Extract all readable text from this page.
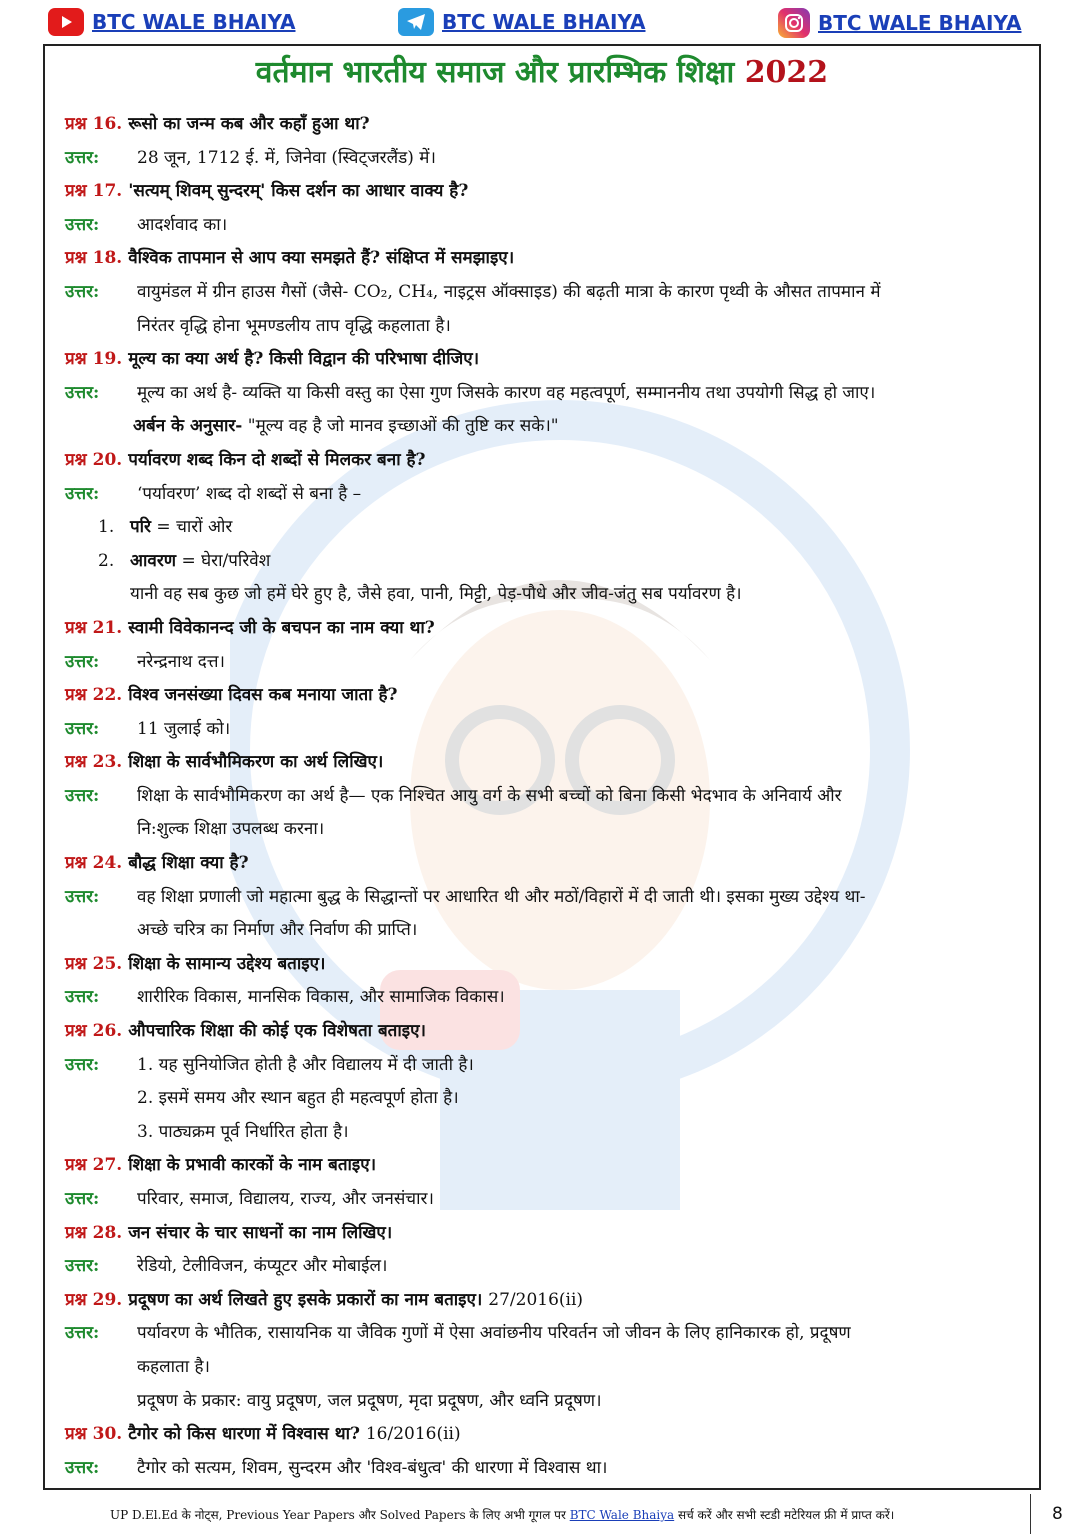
BTC WALE BHAIYA	BTC WALE BHAIYA	BTC WALE BHAIYA
वर्तमान भारतीय समाज और प्रारम्भिक शिक्षा 2022
प्रश्न 16. रूसो का जन्म कब और कहाँ हुआ था?
उत्तर:	28 जून, 1712 ई. में, जिनेवा (स्विट्जरलैंड) में।
प्रश्न 17. 'सत्यम् शिवम् सुन्दरम्' किस दर्शन का आधार वाक्य है?
उत्तर:	आदर्शवाद का।
प्रश्न 18. वैश्विक तापमान से आप क्या समझते हैं? संक्षिप्त में समझाइए।
उत्तर:	वायुमंडल में ग्रीन हाउस गैसों (जैसे- CO₂, CH₄, नाइट्रस ऑक्साइड) की बढ़ती मात्रा के कारण पृथ्वी के औसत तापमान में
निरंतर वृद्धि होना भूमण्डलीय ताप वृद्धि कहलाता है।
प्रश्न 19. मूल्य का क्या अर्थ है? किसी विद्वान की परिभाषा दीजिए।
उत्तर:	मूल्य का अर्थ है- व्यक्ति या किसी वस्तु का ऐसा गुण जिसके कारण वह महत्वपूर्ण, सम्माननीय तथा उपयोगी सिद्ध हो जाए।
अर्बन के अनुसार- "मूल्य वह है जो मानव इच्छाओं की तुष्टि कर सके।"
प्रश्न 20. पर्यावरण शब्द किन दो शब्दों से मिलकर बना है?
उत्तर:	‘पर्यावरण’ शब्द दो शब्दों से बना है –
1. परि = चारों ओर
2. आवरण = घेरा/परिवेश
यानी वह सब कुछ जो हमें घेरे हुए है, जैसे हवा, पानी, मिट्टी, पेड़-पौधे और जीव-जंतु सब पर्यावरण है।
प्रश्न 21. स्वामी विवेकानन्द जी के बचपन का नाम क्या था?
उत्तर:	नरेन्द्रनाथ दत्त।
प्रश्न 22. विश्व जनसंख्या दिवस कब मनाया जाता है?
उत्तर:	11 जुलाई को।
प्रश्न 23. शिक्षा के सार्वभौमिकरण का अर्थ लिखिए।
उत्तर:	शिक्षा के सार्वभौमिकरण का अर्थ है— एक निश्चित आयु वर्ग के सभी बच्चों को बिना किसी भेदभाव के अनिवार्य और
नि:शुल्क शिक्षा उपलब्ध करना।
प्रश्न 24. बौद्ध शिक्षा क्या है?
उत्तर:	वह शिक्षा प्रणाली जो महात्मा बुद्ध के सिद्धान्तों पर आधारित थी और मठों/विहारों में दी जाती थी। इसका मुख्य उद्देश्य था-
अच्छे चरित्र का निर्माण और निर्वाण की प्राप्ति।
प्रश्न 25. शिक्षा के सामान्य उद्देश्य बताइए।
उत्तर:	शारीरिक विकास, मानसिक विकास, और सामाजिक विकास।
प्रश्न 26. औपचारिक शिक्षा की कोई एक विशेषता बताइए।
उत्तर:	1. यह सुनियोजित होती है और विद्यालय में दी जाती है।
2. इसमें समय और स्थान बहुत ही महत्वपूर्ण होता है।
3. पाठ्यक्रम पूर्व निर्धारित होता है।
प्रश्न 27. शिक्षा के प्रभावी कारकों के नाम बताइए।
उत्तर:	परिवार, समाज, विद्यालय, राज्य, और जनसंचार।
प्रश्न 28. जन संचार के चार साधनों का नाम लिखिए।
उत्तर:	रेडियो, टेलीविजन, कंप्यूटर और मोबाईल।
प्रश्न 29. प्रदूषण का अर्थ लिखते हुए इसके प्रकारों का नाम बताइए। 27/2016(ii)
उत्तर:	पर्यावरण के भौतिक, रासायनिक या जैविक गुणों में ऐसा अवांछनीय परिवर्तन जो जीवन के लिए हानिकारक हो, प्रदूषण
कहलाता है।
प्रदूषण के प्रकार: वायु प्रदूषण, जल प्रदूषण, मृदा प्रदूषण, और ध्वनि प्रदूषण।
प्रश्न 30. टैगोर को किस धारणा में विश्वास था? 16/2016(ii)
उत्तर:	टैगोर को सत्यम, शिवम, सुन्दरम और 'विश्व-बंधुत्व' की धारणा में विश्वास था।
UP D.El.Ed के नोट्स, Previous Year Papers और Solved Papers के लिए अभी गूगल पर BTC Wale Bhaiya सर्च करें और सभी स्टडी मटेरियल फ्री में प्राप्त करें।	8
